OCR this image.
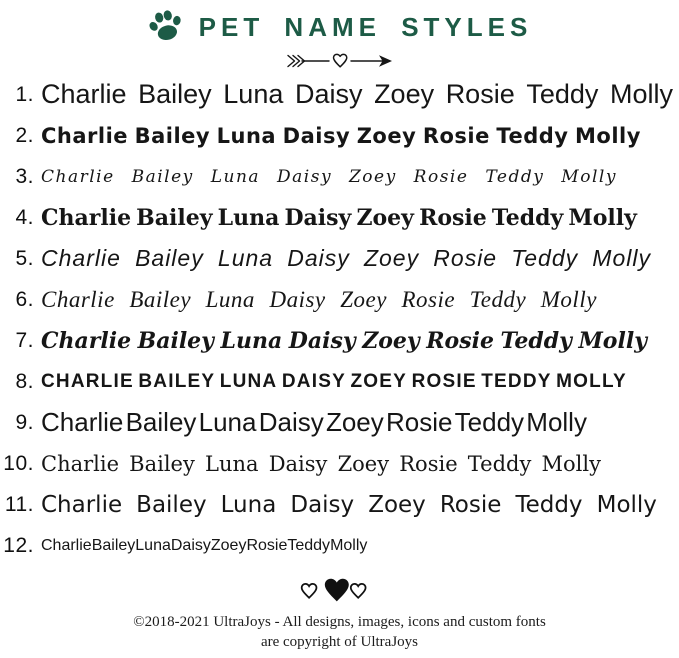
PET NAME STYLES
1. Charlie Bailey Luna Daisy Zoey Rosie Teddy Molly
2. Charlie Bailey Luna Daisy Zoey Rosie Teddy Molly
3. Charlie Bailey Luna Daisy Zoey Rosie Teddy Molly
4. Charlie Bailey Luna Daisy Zoey Rosie Teddy Molly
5. Charlie Bailey Luna Daisy Zoey Rosie Teddy Molly
6. Charlie Bailey Luna Daisy Zoey Rosie Teddy Molly
7. Charlie Bailey Luna Daisy Zoey Rosie Teddy Molly
8. CHARLIE BAILEY LUNA DAISY ZOEY ROSIE TEDDY MOLLY
9. Charlie Bailey Luna Daisy Zoey Rosie Teddy Molly
10. Charlie Bailey Luna Daisy Zoey Rosie Teddy Molly
11. Charlie Bailey Luna Daisy Zoey Rosie Teddy Molly
12. Charlie Bailey Luna Daisy Zoey Rosie Teddy Molly
©2018-2021 UltraJoys - All designs, images, icons and custom fonts
are copyright of UltraJoys
